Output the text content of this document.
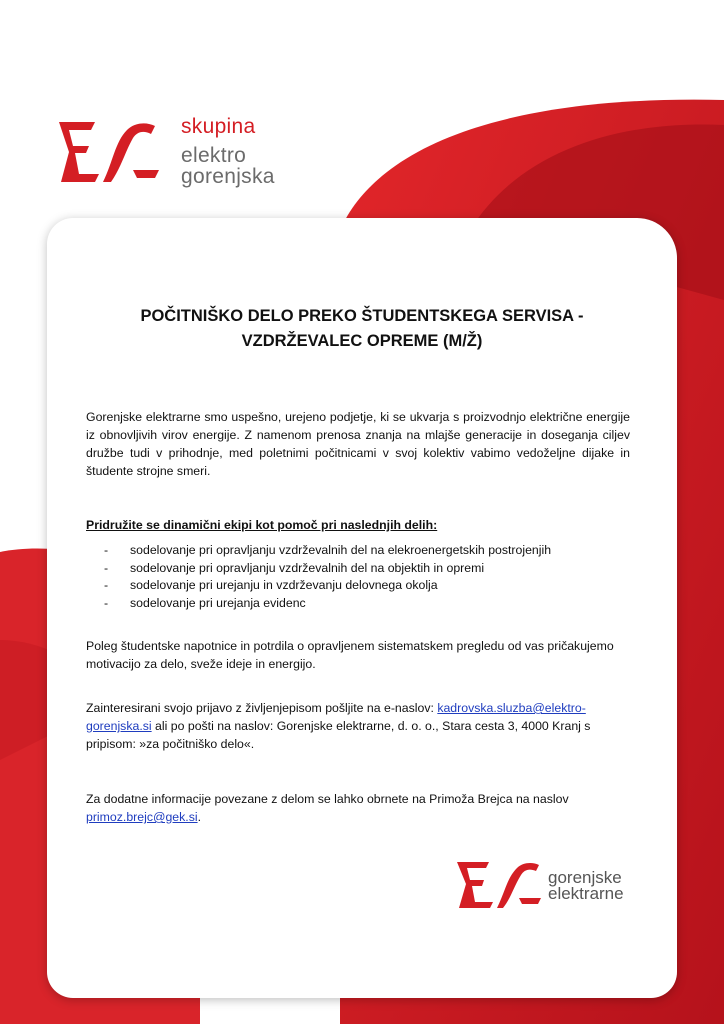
skupina
elektro
gorenjska
POČITNIŠKO DELO PREKO ŠTUDENTSKEGA SERVISA -
VZDRŽEVALEC OPREME (M/Ž)
Gorenjske elektrarne smo uspešno, urejeno podjetje, ki se ukvarja s proizvodnjo električne energije
iz obnovljivih virov energije. Z namenom prenosa znanja na mlajše generacije in doseganja ciljev
družbe tudi v prihodnje, med poletnimi počitnicami v svoj kolektiv vabimo vedoželjne dijake in
študente strojne smeri.
Pridružite se dinamični ekipi kot pomoč pri naslednjih delih:
- sodelovanje pri opravljanju vzdrževalnih del na elekroenergetskih postrojenjih
- sodelovanje pri opravljanju vzdrževalnih del na objektih in opremi
- sodelovanje pri urejanju in vzdrževanju delovnega okolja
- sodelovanje pri urejanja evidenc
Poleg študentske napotnice in potrdila o opravljenem sistematskem pregledu od vas pričakujemo
motivacijo za delo, sveže ideje in energijo.
Zainteresirani svojo prijavo z življenjepisom pošljite na e-naslov: kadrovska.sluzba@elektro-
gorenjska.si ali po pošti na naslov: Gorenjske elektrarne, d. o. o., Stara cesta 3, 4000 Kranj s
pripisom: »za počitniško delo«.
Za dodatne informacije povezane z delom se lahko obrnete na Primoža Brejca na naslov
primoz.brejc@gek.si.
gorenjske
elektrarne
